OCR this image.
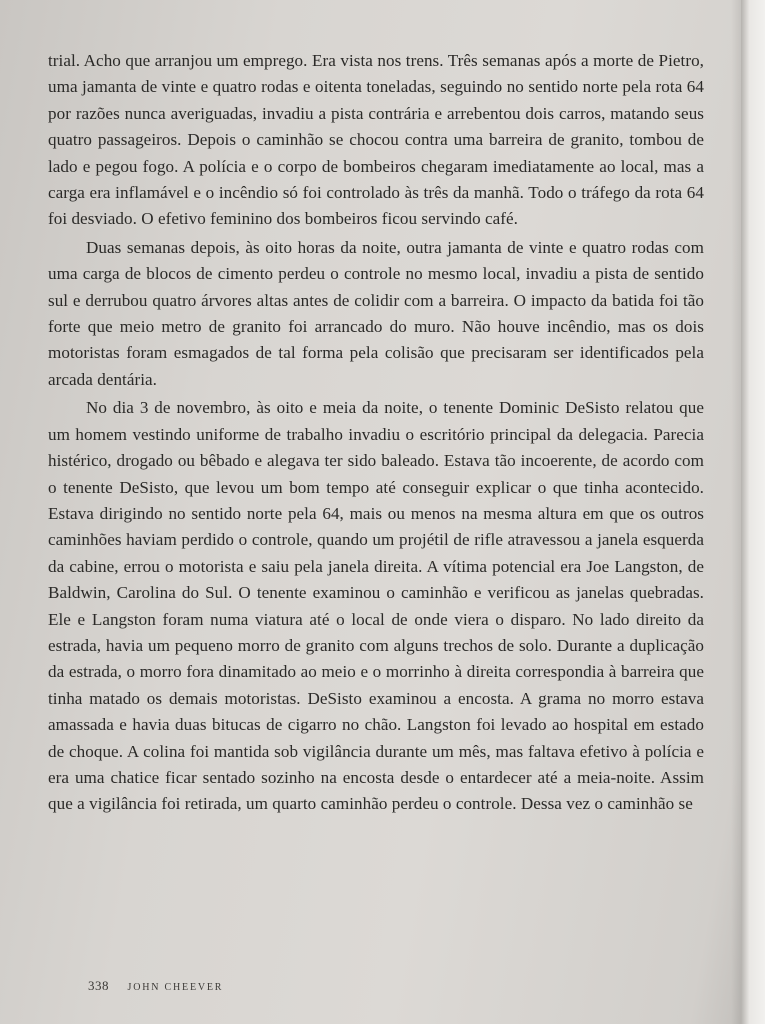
trial. Acho que arranjou um emprego. Era vista nos trens. Três semanas após a morte de Pietro, uma jamanta de vinte e quatro rodas e oitenta toneladas, seguindo no sentido norte pela rota 64 por razões nunca averiguadas, invadiu a pista contrária e arrebentou dois carros, matando seus quatro passageiros. Depois o caminhão se chocou contra uma barreira de granito, tombou de lado e pegou fogo. A polícia e o corpo de bombeiros chegaram imediatamente ao local, mas a carga era inflamável e o incêndio só foi controlado às três da manhã. Todo o tráfego da rota 64 foi desviado. O efetivo feminino dos bombeiros ficou servindo café.

Duas semanas depois, às oito horas da noite, outra jamanta de vinte e quatro rodas com uma carga de blocos de cimento perdeu o controle no mesmo local, invadiu a pista de sentido sul e derrubou quatro árvores altas antes de colidir com a barreira. O impacto da batida foi tão forte que meio metro de granito foi arrancado do muro. Não houve incêndio, mas os dois motoristas foram esmagados de tal forma pela colisão que precisaram ser identificados pela arcada dentária.

No dia 3 de novembro, às oito e meia da noite, o tenente Dominic DeSisto relatou que um homem vestindo uniforme de trabalho invadiu o escritório principal da delegacia. Parecia histérico, drogado ou bêbado e alegava ter sido baleado. Estava tão incoerente, de acordo com o tenente DeSisto, que levou um bom tempo até conseguir explicar o que tinha acontecido. Estava dirigindo no sentido norte pela 64, mais ou menos na mesma altura em que os outros caminhões haviam perdido o controle, quando um projétil de rifle atravessou a janela esquerda da cabine, errou o motorista e saiu pela janela direita. A vítima potencial era Joe Langston, de Baldwin, Carolina do Sul. O tenente examinou o caminhão e verificou as janelas quebradas. Ele e Langston foram numa viatura até o local de onde viera o disparo. No lado direito da estrada, havia um pequeno morro de granito com alguns trechos de solo. Durante a duplicação da estrada, o morro fora dinamitado ao meio e o morrinho à direita correspondia à barreira que tinha matado os demais motoristas. DeSisto examinou a encosta. A grama no morro estava amassada e havia duas bitucas de cigarro no chão. Langston foi levado ao hospital em estado de choque. A colina foi mantida sob vigilância durante um mês, mas faltava efetivo à polícia e era uma chatice ficar sentado sozinho na encosta desde o entardecer até a meia-noite. Assim que a vigilância foi retirada, um quarto caminhão perdeu o controle. Dessa vez o caminhão se

338 JOHN CHEEVER
